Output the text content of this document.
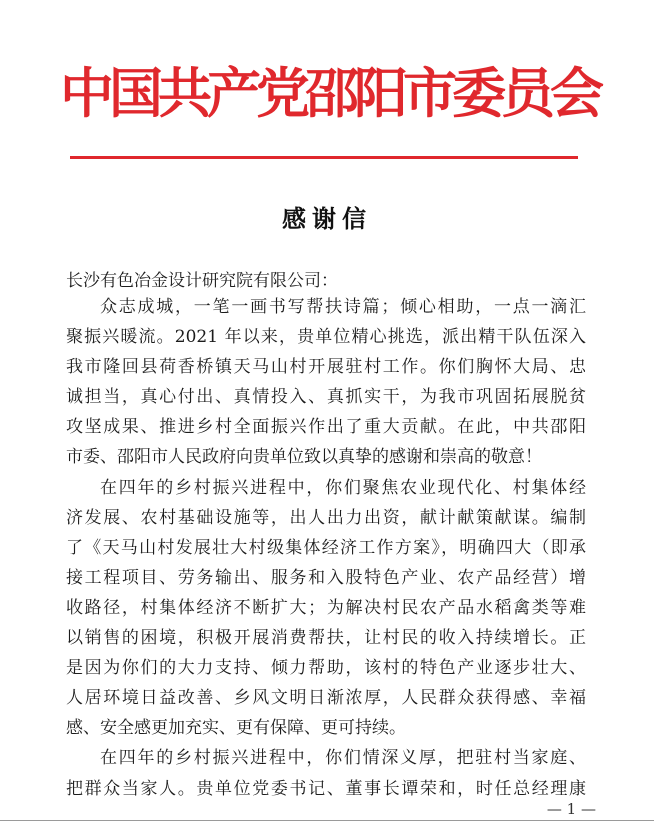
中国共产党邵阳市委员会
感谢信
长沙有色冶金设计研究院有限公司：
众志成城，一笔一画书写帮扶诗篇；倾心相助，一点一滴汇
聚振兴暖流。2021 年以来，贵单位精心挑选，派出精干队伍深入
我市隆回县荷香桥镇天马山村开展驻村工作。你们胸怀大局、忠
诚担当，真心付出、真情投入、真抓实干，为我市巩固拓展脱贫
攻坚成果、推进乡村全面振兴作出了重大贡献。在此，中共邵阳
市委、邵阳市人民政府向贵单位致以真挚的感谢和崇高的敬意！
在四年的乡村振兴进程中，你们聚焦农业现代化、村集体经
济发展、农村基础设施等，出人出力出资，献计献策献谋。编制
了《天马山村发展壮大村级集体经济工作方案》，明确四大（即承
接工程项目、劳务输出、服务和入股特色产业、农产品经营）增
收路径，村集体经济不断扩大；为解决村民农产品水稻禽类等难
以销售的困境，积极开展消费帮扶，让村民的收入持续增长。正
是因为你们的大力支持、倾力帮助，该村的特色产业逐步壮大、
人居环境日益改善、乡风文明日渐浓厚，人民群众获得感、幸福
感、安全感更加充实、更有保障、更可持续。
在四年的乡村振兴进程中，你们情深义厚，把驻村当家庭、
把群众当家人。贵单位党委书记、董事长谭荣和，时任总经理康
— 1 —
